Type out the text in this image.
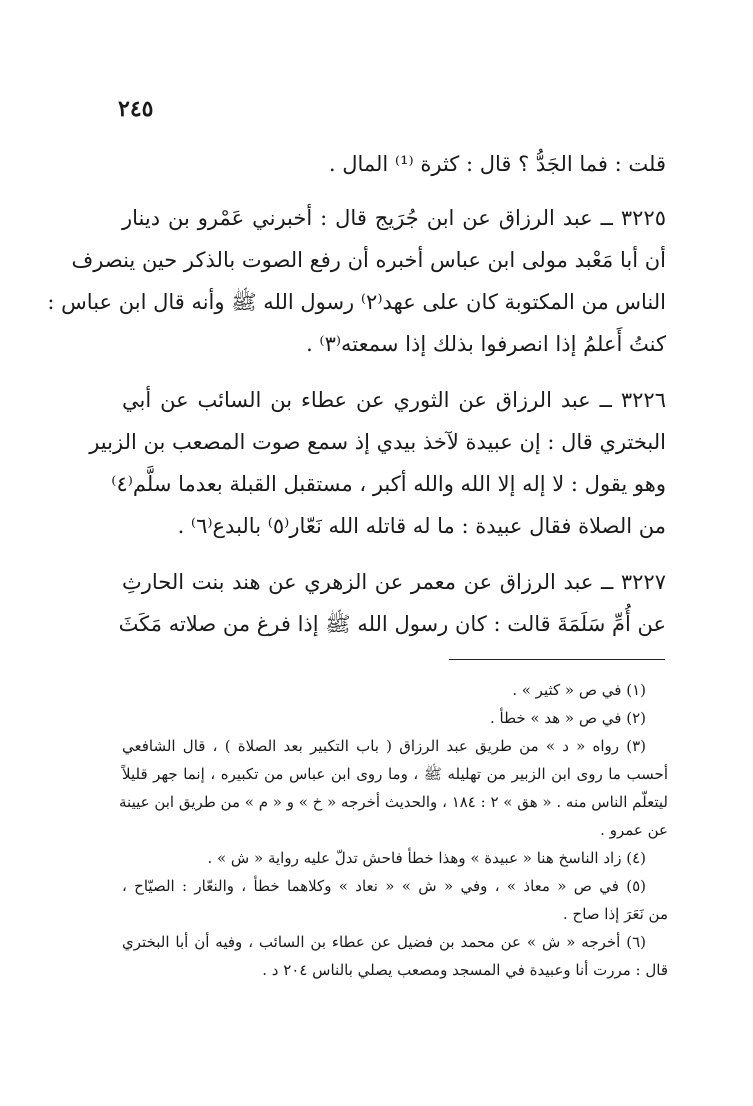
٢٤٥
قلت : فما الجَدُّ ؟ قال : كثرة ⁽¹⁾ المال .
٣٢٢٥ ــ عبد الرزاق عن ابن جُرَيج قال : أخبرني عَمْرو بن دينار
أن أبا مَعْبد مولى ابن عباس أخبره أن رفع الصوت بالذكر حين ينصرف
الناس من المكتوبة كان على عهد⁽٢⁾ رسول الله ﷺ وأنه قال ابن عباس :
كنتُ أَعلمُ إذا انصرفوا بذلك إذا سمعته⁽٣⁾ .
٣٢٢٦ ــ عبد الرزاق عن الثوري عن عطاء بن السائب عن أبي
البختري قال : إن عبيدة لآخذ بيدي إذ سمع صوت المصعب بن الزبير
وهو يقول : لا إله إلا الله والله أكبر ، مستقبل القبلة بعدما سلَّم⁽٤⁾
من الصلاة فقال عبيدة : ما له قاتله الله نَعّار⁽٥⁾ بالبدع⁽٦⁾ .
٣٢٢٧ ــ عبد الرزاق عن معمر عن الزهري عن هند بنت الحارثِ
عن أُمِّ سَلَمَةَ قالت : كان رسول الله ﷺ إذا فرغ من صلاته مَكَثَ
(١) في ص « كثير » .
(٢) في ص « هد » خطأ .
(٣) رواه « د » من طريق عبد الرزاق ( باب التكبير بعد الصلاة ) ، قال الشافعي
أحسب ما روى ابن الزبير من تهليله ﷺ ، وما روى ابن عباس من تكبيره ، إنما جهر قليلاً
ليتعلّم الناس منه . « هق » ٢ : ١٨٤ ، والحديث أخرجه « خ » و « م » من طريق ابن عيينة
عن عمرو .
(٤) زاد الناسخ هنا « عبيدة » وهذا خطأ فاحش تدلّ عليه رواية « ش » .
(٥) في ص « معاذ » ، وفي « ش » « نعاد » وكلاهما خطأ ، والنعّار : الصيّاح ،
من نَعَرَ إذا صاح .
(٦) أخرجه « ش » عن محمد بن فضيل عن عطاء بن السائب ، وفيه أن أبا البختري
قال : مررت أنا وعبيدة في المسجد ومصعب يصلي بالناس ٢٠٤ د .
